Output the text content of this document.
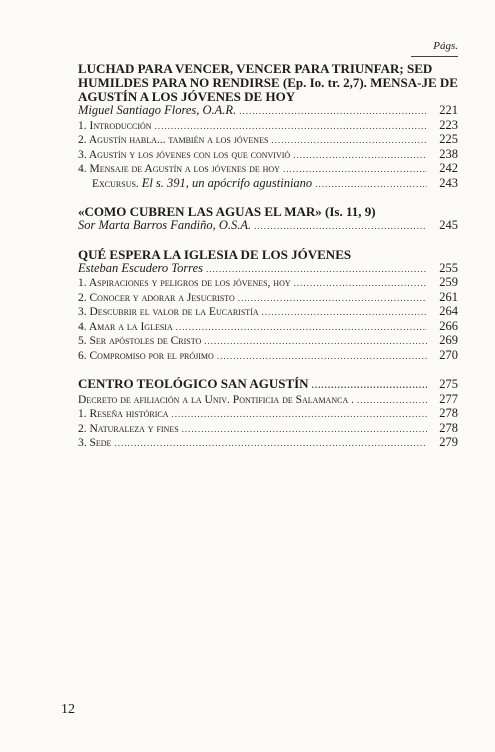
Págs.
LUCHAD PARA VENCER, VENCER PARA TRIUNFAR; SED HUMILDES PARA NO RENDIRSE (Ep. Io. tr. 2,7). MENSA-JE DE AGUSTÍN A LOS JÓVENES DE HOY
Miguel Santiago Flores, O.A.R. .....	221
1. Introducción .....	223
2. Agustín habla... también a los jóvenes .....	225
3. Agustín y los jóvenes con los que convivió .....	238
4. Mensaje de Agustín a los jóvenes de hoy .....	242
Excursus. El s. 391, un apócrifo agustiniano .....	243
«COMO CUBREN LAS AGUAS EL MAR» (Is. 11, 9)
Sor Marta Barros Fandiño, O.S.A. .....	245
QUÉ ESPERA LA IGLESIA DE LOS JÓVENES
Esteban Escudero Torres .....	255
1. Aspiraciones y peligros de los jóvenes, hoy .....	259
2. Conocer y adorar a Jesucristo .....	261
3. Descubrir el valor de la Eucaristía .....	264
4. Amar a la Iglesia .....	266
5. Ser apóstoles de Cristo .....	269
6. Compromiso por el prójimo .....	270
CENTRO TEOLÓGICO SAN AGUSTÍN .....	275
Decreto de afiliación a la Univ. Pontificia de Salamanca . .....	277
1. Reseña histórica .....	278
2. Naturaleza y fines .....	278
3. Sede .....	279
12
